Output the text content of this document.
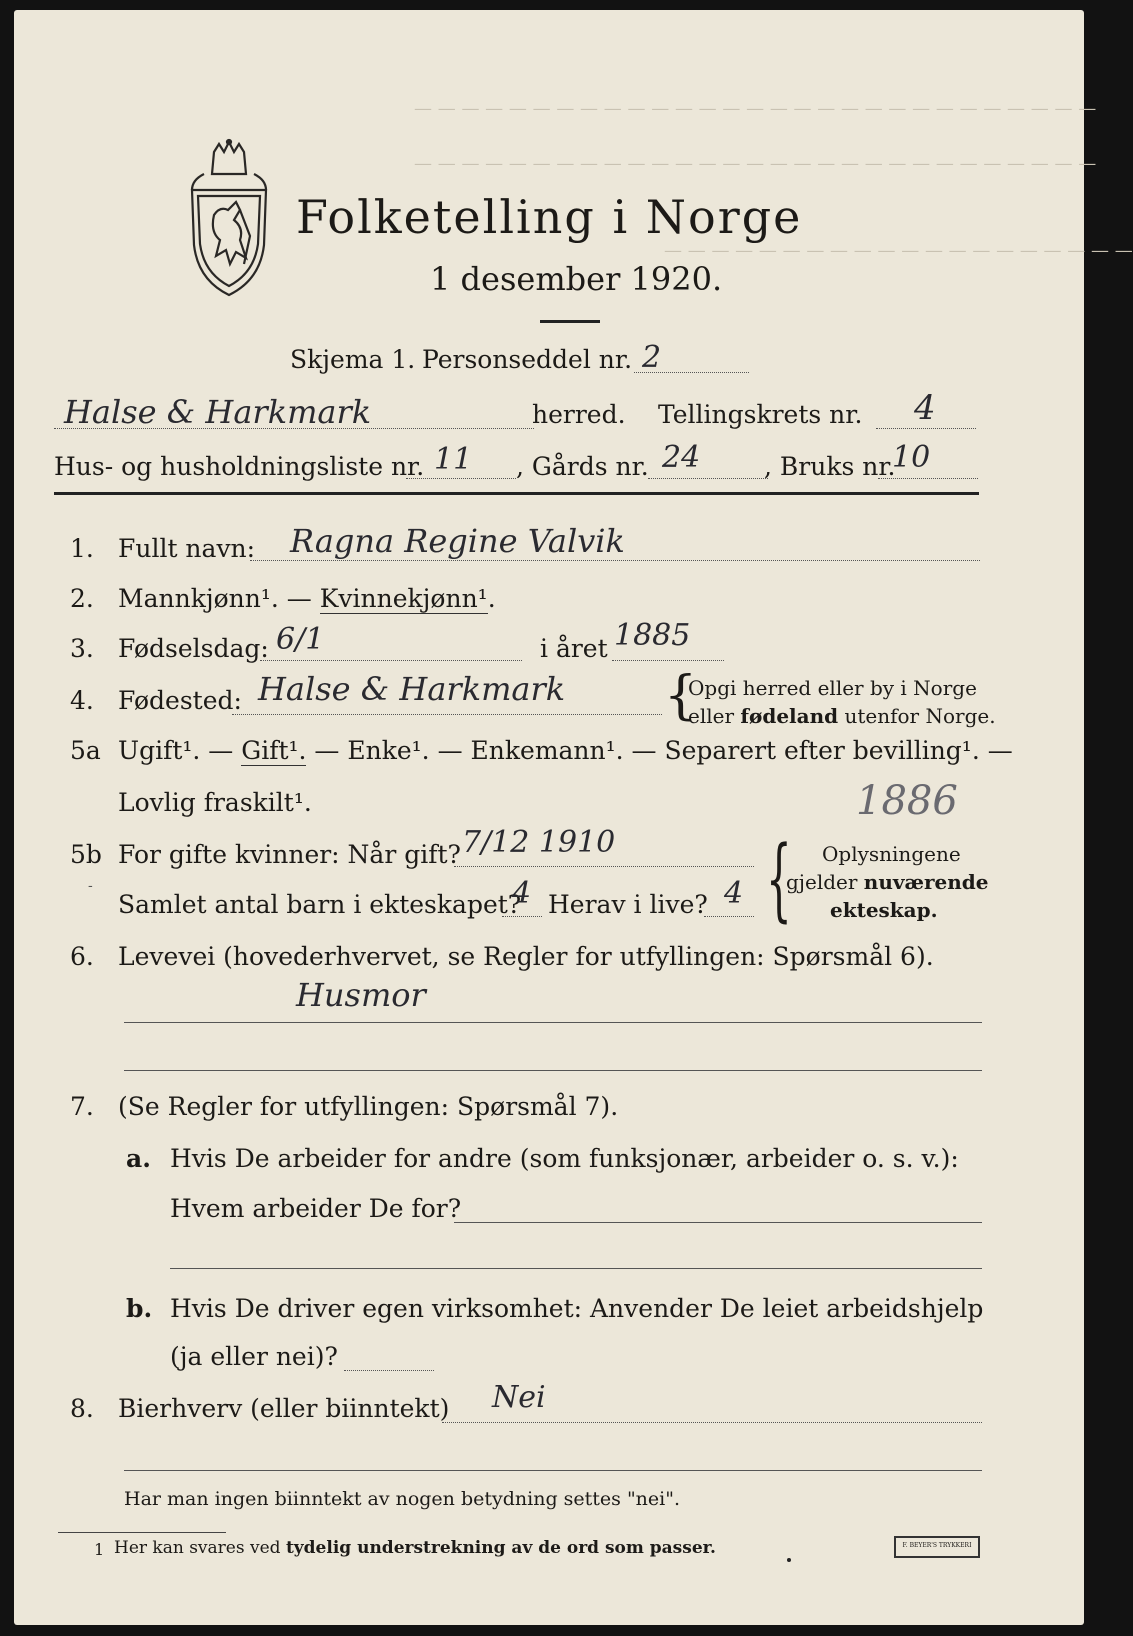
— — — — — — — — — — — — — — — — — — — — — — — — — — — — —
— — — — — — — — — — — — — — — — — — — — — — — — — — — — —
— — — — — — — — — — — — — — — — — — — —
Folketelling i Norge
1 desember 1920.
Skjema 1. Personseddel nr. 2
Halse & Harkmark	herred. Tellingskrets nr. 4
Hus- og husholdningsliste nr. 11 , Gårds nr. 24	, Bruks nr.
10
1. Fullt navn: Ragna Regine Valvik
2. Mannkjønn¹. — Kvinnekjønn¹.
3. Fødselsdag: 6/1	i året 1885
4. Fødested: Halse & Harkmark {
Opgi herred eller by i Norge
eller fødeland utenfor Norge.
5a Ugift¹. — Gift¹. — Enke¹. — Enkemann¹. — Separert efter bevilling¹. —
Lovlig fraskilt¹.	1886
5b For gifte kvinner: Når gift? 7/12 1910
Samlet antal barn i ekteskapet?
4 Herav i live? 4 { Oplysningene
gjelder nuværende
ekteskap.
-
6. Levevei (hovederhvervet, se Regler for utfyllingen: Spørsmål 6).
Husmor
7. (Se Regler for utfyllingen: Spørsmål 7).
a. Hvis De arbeider for andre (som funksjonær, arbeider o. s. v.):
Hvem arbeider De for?
b. Hvis De driver egen virksomhet: Anvender De leiet arbeidshjelp
(ja eller nei)?
8. Bierhverv (eller biinntekt) Nei
Har man ingen biinntekt av nogen betydning settes "nei".
1 Her kan svares ved tydelig understrekning av de ord som passer.	F. BEYER'S TRYKKERI
